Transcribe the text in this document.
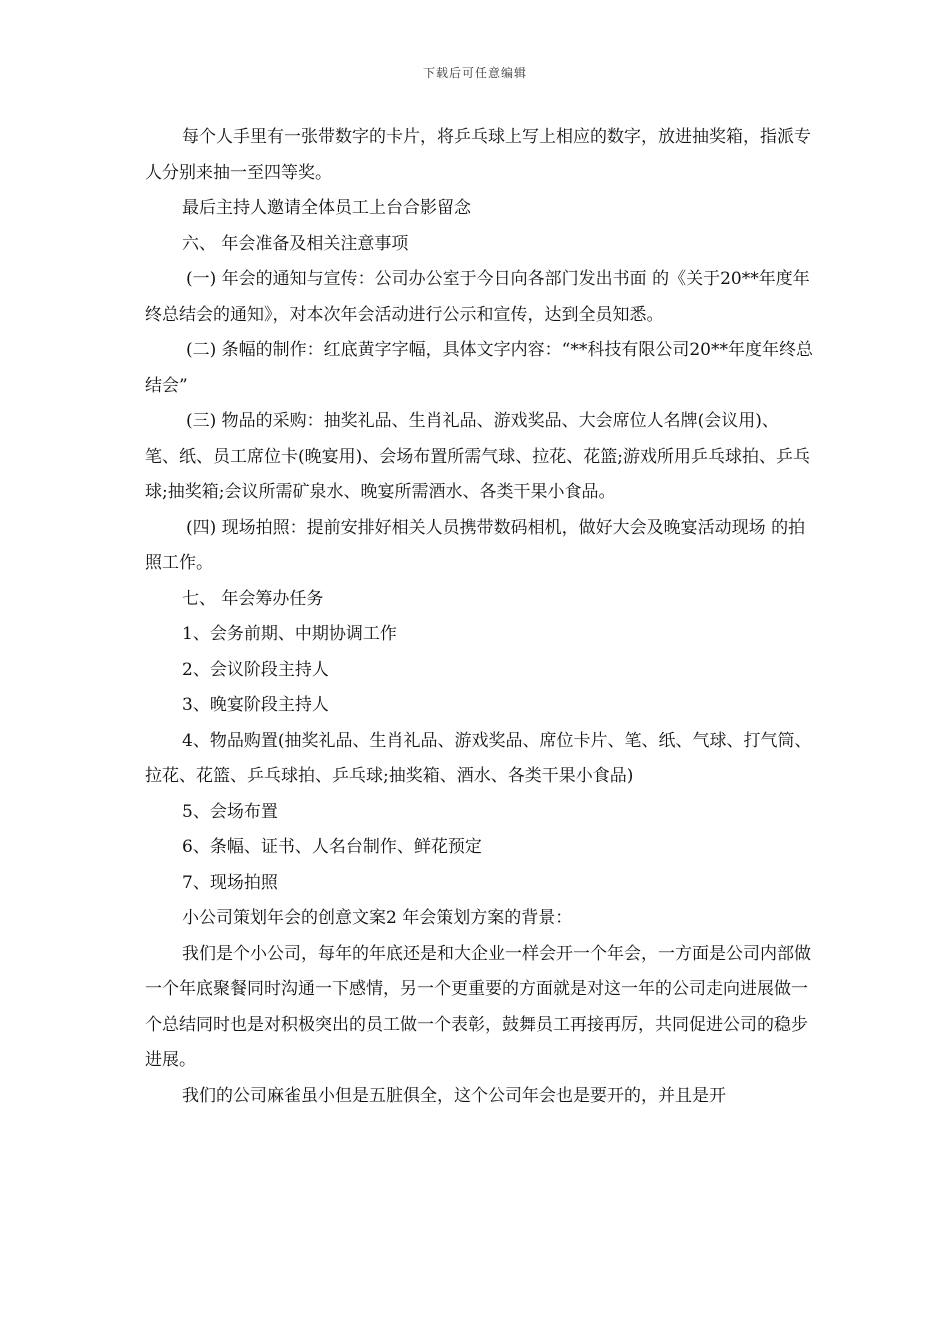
下载后可任意编辑

每个人手里有一张带数字的卡片，将乒乓球上写上相应的数字，放进抽奖箱，指派专人分别来抽一至四等奖。

最后主持人邀请全体员工上台合影留念

六、 年会准备及相关注意事项

(一) 年会的通知与宣传：公司办公室于今日向各部门发出书面 的《关于20**年度年终总结会的通知》，对本次年会活动进行公示和宣传，达到全员知悉。

(二) 条幅的制作：红底黄字字幅，具体文字内容：“**科技有限公司20**年度年终总结会”

(三) 物品的采购：抽奖礼品、生肖礼品、游戏奖品、大会席位人名牌(会议用)、 笔、纸、员工席位卡(晚宴用)、会场布置所需气球、拉花、花篮;游戏所用乒乓球拍、乒乓球;抽奖箱;会议所需矿泉水、晚宴所需酒水、各类干果小食品。

(四) 现场拍照：提前安排好相关人员携带数码相机，做好大会及晚宴活动现场 的拍照工作。

七、 年会筹办任务

1、会务前期、中期协调工作

2、会议阶段主持人

3、晚宴阶段主持人

4、物品购置(抽奖礼品、生肖礼品、游戏奖品、席位卡片、笔、纸、气球、打气筒、拉花、花篮、乒乓球拍、乒乓球;抽奖箱、酒水、各类干果小食品)

5、会场布置

6、条幅、证书、人名台制作、鲜花预定

7、现场拍照

小公司策划年会的创意文案2 年会策划方案的背景：

我们是个小公司，每年的年底还是和大企业一样会开一个年会，一方面是公司内部做一个年底聚餐同时沟通一下感情，另一个更重要的方面就是对这一年的公司走向进展做一个总结同时也是对积极突出的员工做一个表彰，鼓舞员工再接再厉，共同促进公司的稳步进展。

我们的公司麻雀虽小但是五脏俱全，这个公司年会也是要开的，并且是开
